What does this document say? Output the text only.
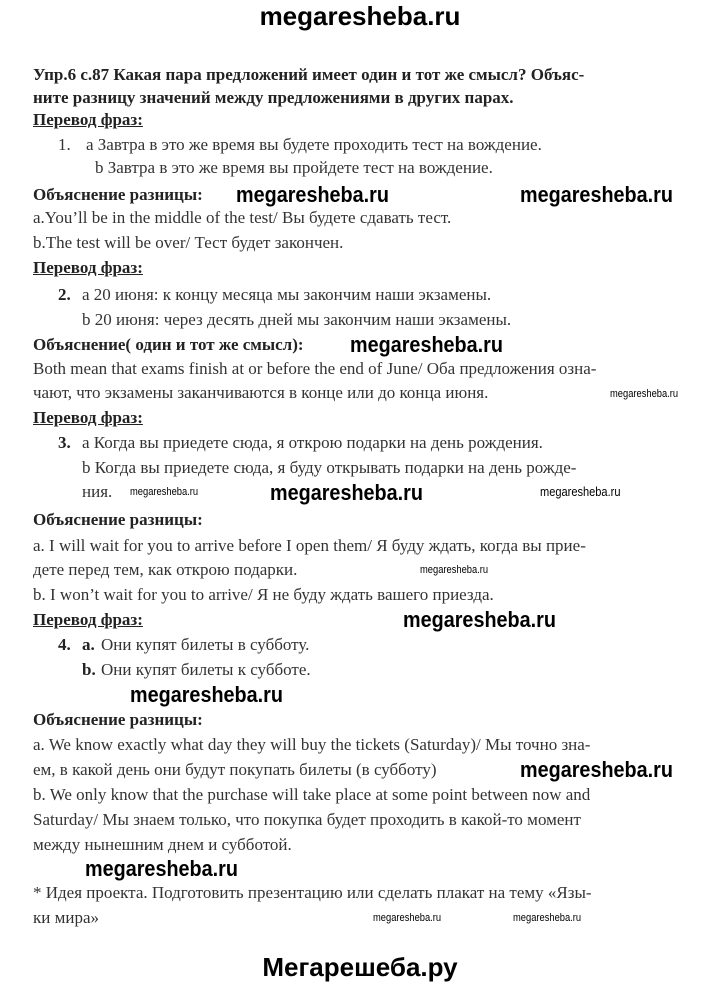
megaresheba.ru
Упр.6 с.87 Какая пара предложений имеет один и тот же смысл? Объяс-
ните разницу значений между предложениями в других парах.
Перевод фраз:
1. а Завтра в это же время вы будете проходить тест на вождение.
b Завтра в это же время вы пройдете тест на вождение.
Объяснение разницы: megaresheba.ru	megaresheba.ru
a.You’ll be in the middle of the test/ Вы будете сдавать тест.
b.The test will be over/ Тест будет закончен.
Перевод фраз:
2. а 20 июня: к концу месяца мы закончим наши экзамены.
b 20 июня: через десять дней мы закончим наши экзамены.
Объяснение( один и тот же смысл): megaresheba.ru
Both mean that exams finish at or before the end of June/ Оба предложения озна-
чают, что экзамены заканчиваются в конце или до конца июня.	megaresheba.ru
Перевод фраз:
3. а Когда вы приедете сюда, я открою подарки на день рождения.
b Когда вы приедете сюда, я буду открывать подарки на день рожде-
ния. megaresheba.ru	megaresheba.ru	megaresheba.ru
Объяснение разницы:
a. I will wait for you to arrive before I open them/ Я буду ждать, когда вы прие-
дете перед тем, как открою подарки.	megaresheba.ru
b. I won’t wait for you to arrive/ Я не буду ждать вашего приезда.
Перевод фраз:	megaresheba.ru
4. a. Они купят билеты в субботу.
b. Они купят билеты к субботе.
megaresheba.ru
Объяснение разницы:
a. We know exactly what day they will buy the tickets (Saturday)/ Мы точно зна-
ем, в какой день они будут покупать билеты (в субботу)	megaresheba.ru
b. We only know that the purchase will take place at some point between now and
Saturday/ Мы знаем только, что покупка будет проходить в какой-то момент
между нынешним днем и субботой.
megaresheba.ru
* Идея проекта. Подготовить презентацию или сделать плакат на тему «Язы-
ки мира»	megaresheba.ru	megaresheba.ru
Мегарешеба.ру
